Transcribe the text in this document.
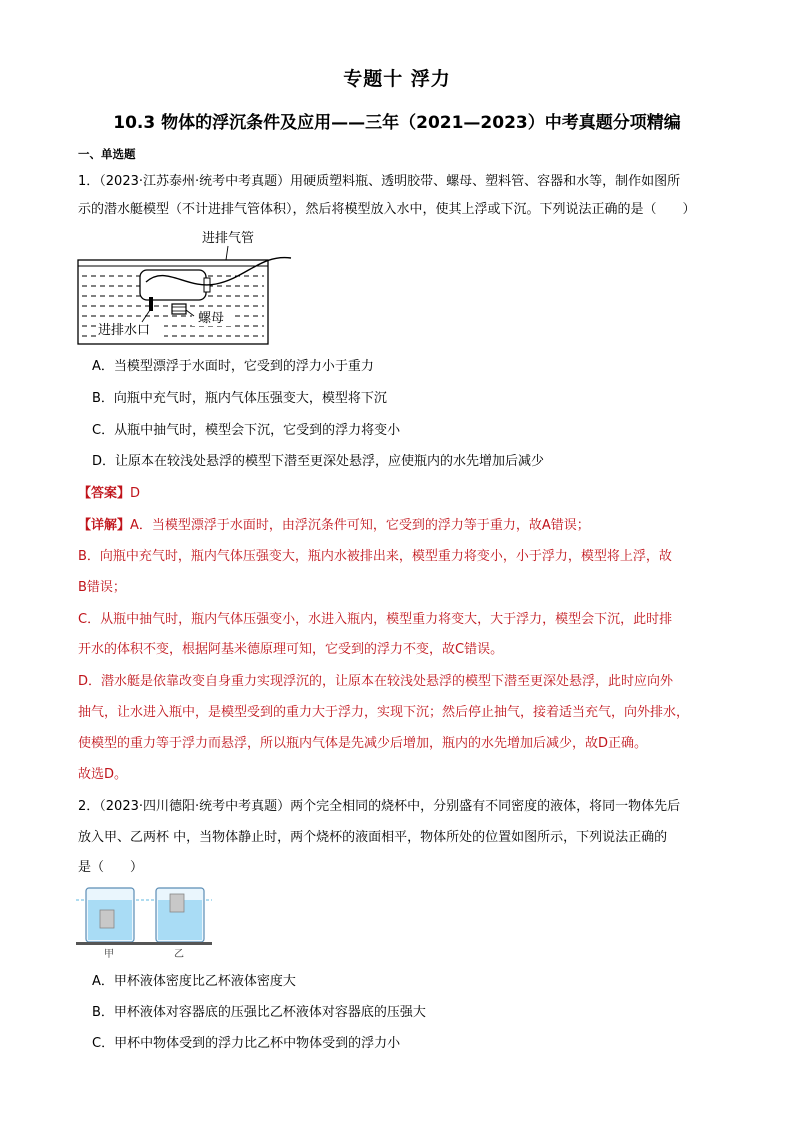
专题十 浮力
10.3 物体的浮沉条件及应用——三年（2021—2023）中考真题分项精编
一、单选题
1．（2023·江苏泰州·统考中考真题）用硬质塑料瓶、透明胶带、螺母、塑料管、容器和水等，制作如图所
示的潜水艇模型（不计进排气管体积），然后将模型放入水中，使其上浮或下沉。下列说法正确的是（　　）
进排气管
螺母
进排水口
A．当模型漂浮于水面时，它受到的浮力小于重力
B．向瓶中充气时，瓶内气体压强变大，模型将下沉
C．从瓶中抽气时，模型会下沉，它受到的浮力将变小
D．让原本在较浅处悬浮的模型下潜至更深处悬浮，应使瓶内的水先增加后减少
【答案】D
【详解】A．当模型漂浮于水面时，由浮沉条件可知，它受到的浮力等于重力，故A错误；
B．向瓶中充气时，瓶内气体压强变大，瓶内水被排出来，模型重力将变小，小于浮力，模型将上浮，故
B错误；
C．从瓶中抽气时，瓶内气体压强变小，水进入瓶内，模型重力将变大，大于浮力，模型会下沉，此时排
开水的体积不变，根据阿基米德原理可知，它受到的浮力不变，故C错误。
D．潜水艇是依靠改变自身重力实现浮沉的，让原本在较浅处悬浮的模型下潜至更深处悬浮，此时应向外
抽气，让水进入瓶中，是模型受到的重力大于浮力，实现下沉；然后停止抽气，接着适当充气，向外排水，
使模型的重力等于浮力而悬浮，所以瓶内气体是先减少后增加，瓶内的水先增加后减少，故D正确。
故选D。
2．（2023·四川德阳·统考中考真题）两个完全相同的烧杯中，分别盛有不同密度的液体，将同一物体先后
放入甲、乙两杯 中，当物体静止时，两个烧杯的液面相平，物体所处的位置如图所示，下列说法正确的
是（　　）
甲	乙
A．甲杯液体密度比乙杯液体密度大
B．甲杯液体对容器底的压强比乙杯液体对容器底的压强大
C．甲杯中物体受到的浮力比乙杯中物体受到的浮力小
